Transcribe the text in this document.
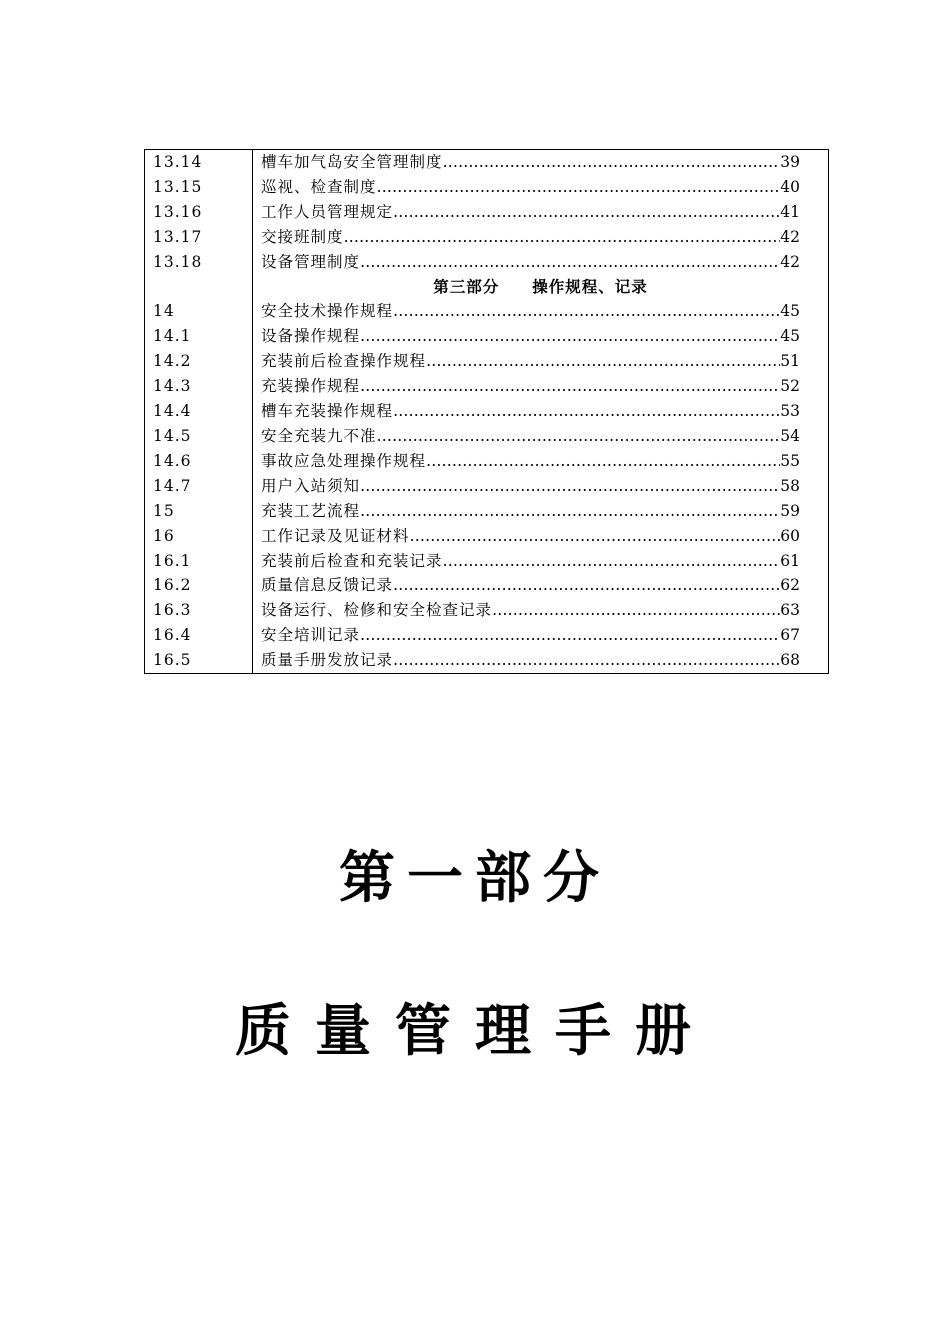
13.14	槽车加气岛安全管理制度 …………………………………………………………………………………………………………………………………………………………… 39

13.15	巡视、检查制度 …………………………………………………………………………………………………………………………………………………………… 40

13.16	工作人员管理规定 …………………………………………………………………………………………………………………………………………………………… 41

13.17	交接班制度 …………………………………………………………………………………………………………………………………………………………… 42

13.18	设备管理制度 …………………………………………………………………………………………………………………………………………………………… 42

	第三部分　　操作规程、记录
14	安全技术操作规程 …………………………………………………………………………………………………………………………………………………………… 45

14.1	设备操作规程 …………………………………………………………………………………………………………………………………………………………… 45

14.2	充装前后检查操作规程 …………………………………………………………………………………………………………………………………………………………… 51

14.3	充装操作规程 …………………………………………………………………………………………………………………………………………………………… 52

14.4	槽车充装操作规程 …………………………………………………………………………………………………………………………………………………………… 53

14.5	安全充装九不准 …………………………………………………………………………………………………………………………………………………………… 54

14.6	事故应急处理操作规程 …………………………………………………………………………………………………………………………………………………………… 55

14.7	用户入站须知 …………………………………………………………………………………………………………………………………………………………… 58

15	充装工艺流程 …………………………………………………………………………………………………………………………………………………………… 59

16	工作记录及见证材料 …………………………………………………………………………………………………………………………………………………………… 60

16.1	充装前后检查和充装记录 …………………………………………………………………………………………………………………………………………………………… 61

16.2	质量信息反馈记录 …………………………………………………………………………………………………………………………………………………………… 62

16.3	设备运行、检修和安全检查记录 …………………………………………………………………………………………………………………………………………………………… 63

16.4	安全培训记录 …………………………………………………………………………………………………………………………………………………………… 67

16.5	质量手册发放记录 …………………………………………………………………………………………………………………………………………………………… 68
第一部分
质量管理手册
